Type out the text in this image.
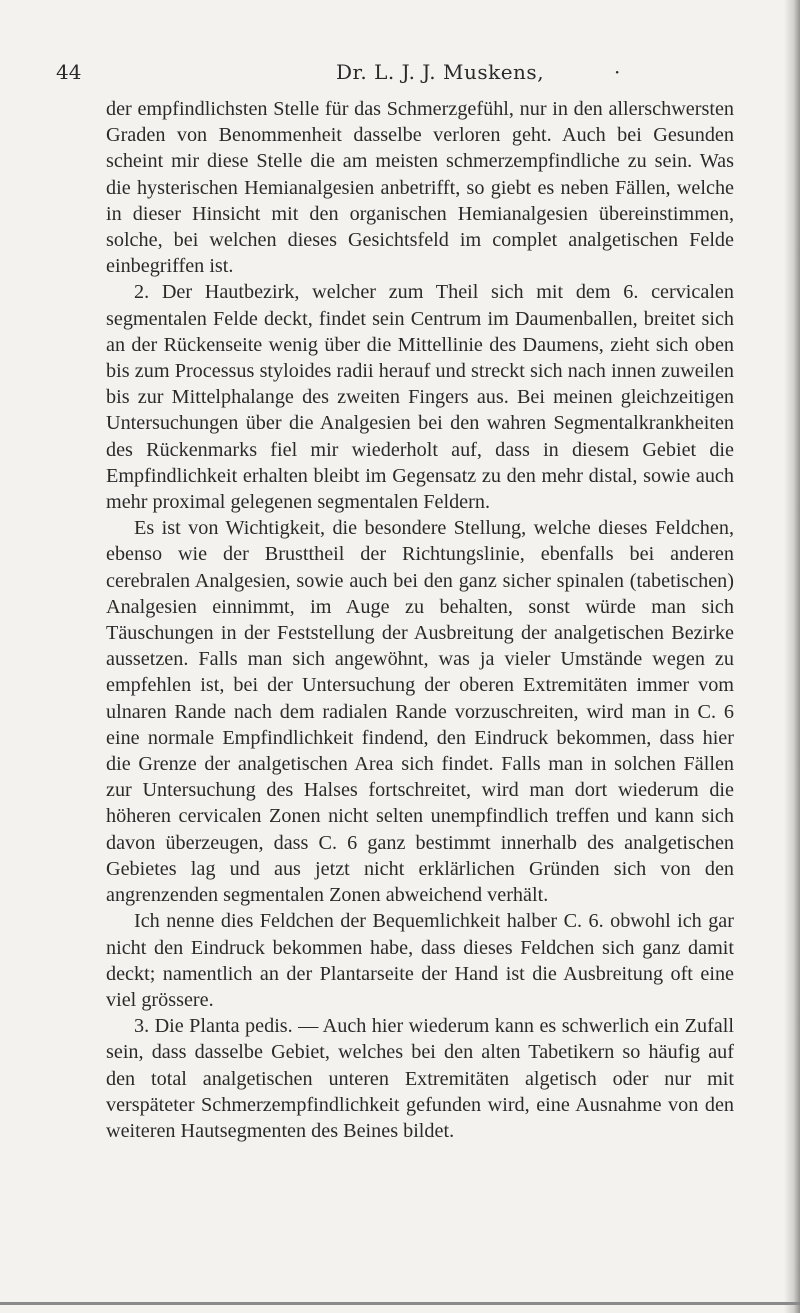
44	Dr. L. J. J. Muskens,	·

der empfindlichsten Stelle für das Schmerzgefühl, nur in den allerschwersten Graden von Benommenheit dasselbe verloren geht. Auch bei Gesunden scheint mir diese Stelle die am meisten schmerzempfindliche zu sein. Was die hysterischen Hemianalgesien anbetrifft, so giebt es neben Fällen, welche in dieser Hinsicht mit den organischen Hemianalgesien übereinstimmen, solche, bei welchen dieses Gesichtsfeld im complet analgetischen Felde einbegriffen ist.

2. Der Hautbezirk, welcher zum Theil sich mit dem 6. cervicalen segmentalen Felde deckt, findet sein Centrum im Daumenballen, breitet sich an der Rückenseite wenig über die Mittellinie des Daumens, zieht sich oben bis zum Processus styloides radii herauf und streckt sich nach innen zuweilen bis zur Mittelphalange des zweiten Fingers aus. Bei meinen gleichzeitigen Untersuchungen über die Analgesien bei den wahren Segmentalkrankheiten des Rückenmarks fiel mir wiederholt auf, dass in diesem Gebiet die Empfindlichkeit erhalten bleibt im Gegensatz zu den mehr distal, sowie auch mehr proximal gelegenen segmentalen Feldern.

Es ist von Wichtigkeit, die besondere Stellung, welche dieses Feldchen, ebenso wie der Brusttheil der Richtungslinie, ebenfalls bei anderen cerebralen Analgesien, sowie auch bei den ganz sicher spinalen (tabetischen) Analgesien einnimmt, im Auge zu behalten, sonst würde man sich Täuschungen in der Feststellung der Ausbreitung der analgetischen Bezirke aussetzen. Falls man sich angewöhnt, was ja vieler Umstände wegen zu empfehlen ist, bei der Untersuchung der oberen Extremitäten immer vom ulnaren Rande nach dem radialen Rande vorzuschreiten, wird man in C. 6 eine normale Empfindlichkeit findend, den Eindruck bekommen, dass hier die Grenze der analgetischen Area sich findet. Falls man in solchen Fällen zur Untersuchung des Halses fortschreitet, wird man dort wiederum die höheren cervicalen Zonen nicht selten unempfindlich treffen und kann sich davon überzeugen, dass C. 6 ganz bestimmt innerhalb des analgetischen Gebietes lag und aus jetzt nicht erklärlichen Gründen sich von den angrenzenden segmentalen Zonen abweichend verhält.

Ich nenne dies Feldchen der Bequemlichkeit halber C. 6. obwohl ich gar nicht den Eindruck bekommen habe, dass dieses Feldchen sich ganz damit deckt; namentlich an der Plantarseite der Hand ist die Ausbreitung oft eine viel grössere.

3. Die Planta pedis. — Auch hier wiederum kann es schwerlich ein Zufall sein, dass dasselbe Gebiet, welches bei den alten Tabetikern so häufig auf den total analgetischen unteren Extremitäten algetisch oder nur mit verspäteter Schmerzempfindlichkeit gefunden wird, eine Ausnahme von den weiteren Hautsegmenten des Beines bildet.
